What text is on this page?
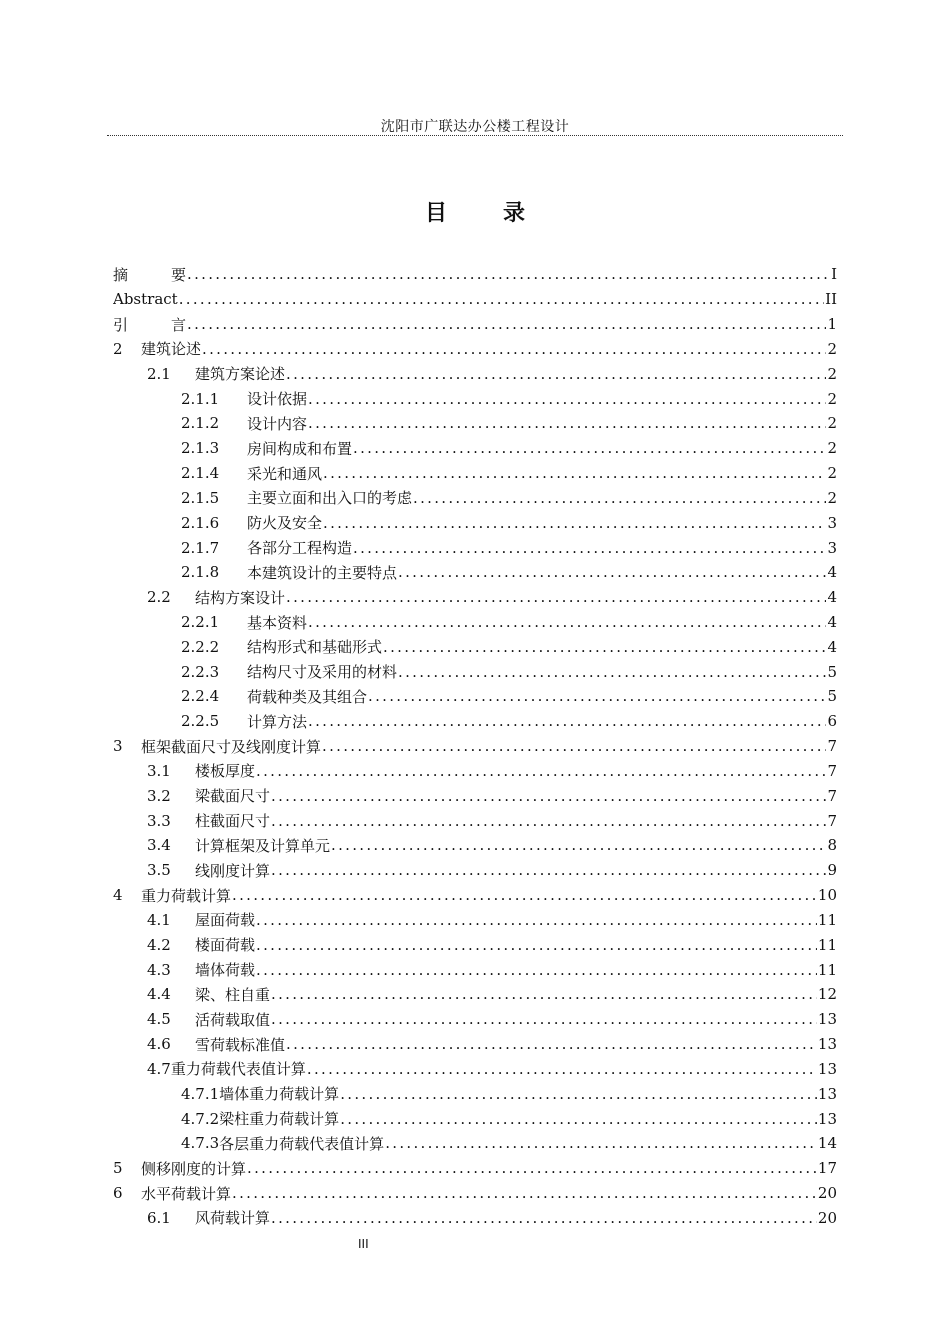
沈阳市广联达办公楼工程设计
目	录
摘	要 .....	I
Abstract .....	II
引	言 .....	1
2	建筑论述 .....	2
2.1	建筑方案论述 .....	2
2.1.1	设计依据 .....	2
2.1.2	设计内容 .....	2
2.1.3	房间构成和布置 .....	2
2.1.4	采光和通风 .....	2
2.1.5	主要立面和出入口的考虑 .....	2
2.1.6	防火及安全 .....	3
2.1.7	各部分工程构造 .....	3
2.1.8	本建筑设计的主要特点 .....	4
2.2	结构方案设计 .....	4
2.2.1	基本资料 .....	4
2.2.2	结构形式和基础形式 .....	4
2.2.3	结构尺寸及采用的材料 .....	5
2.2.4	荷载种类及其组合 .....	5
2.2.5	计算方法 .....	6
3	框架截面尺寸及线刚度计算 .....	7
3.1	楼板厚度 .....	7
3.2	梁截面尺寸 .....	7
3.3	柱截面尺寸 .....	7
3.4	计算框架及计算单元 .....	8
3.5	线刚度计算 .....	9
4	重力荷载计算 .....	10
4.1	屋面荷载 .....	11
4.2	楼面荷载 .....	11
4.3	墙体荷载 .....	11
4.4	梁、柱自重 .....	12
4.5	活荷载取值 .....	13
4.6	雪荷载标准值 .....	13
4.7 重力荷载代表值计算 .....	13
4.7.1 墙体重力荷载计算 .....	13
4.7.2 梁柱重力荷载计算 .....	13
4.7.3 各层重力荷载代表值计算 .....	14
5	侧移刚度的计算 .....	17
6	水平荷载计算 .....	20
6.1	风荷载计算 .....	20
III
